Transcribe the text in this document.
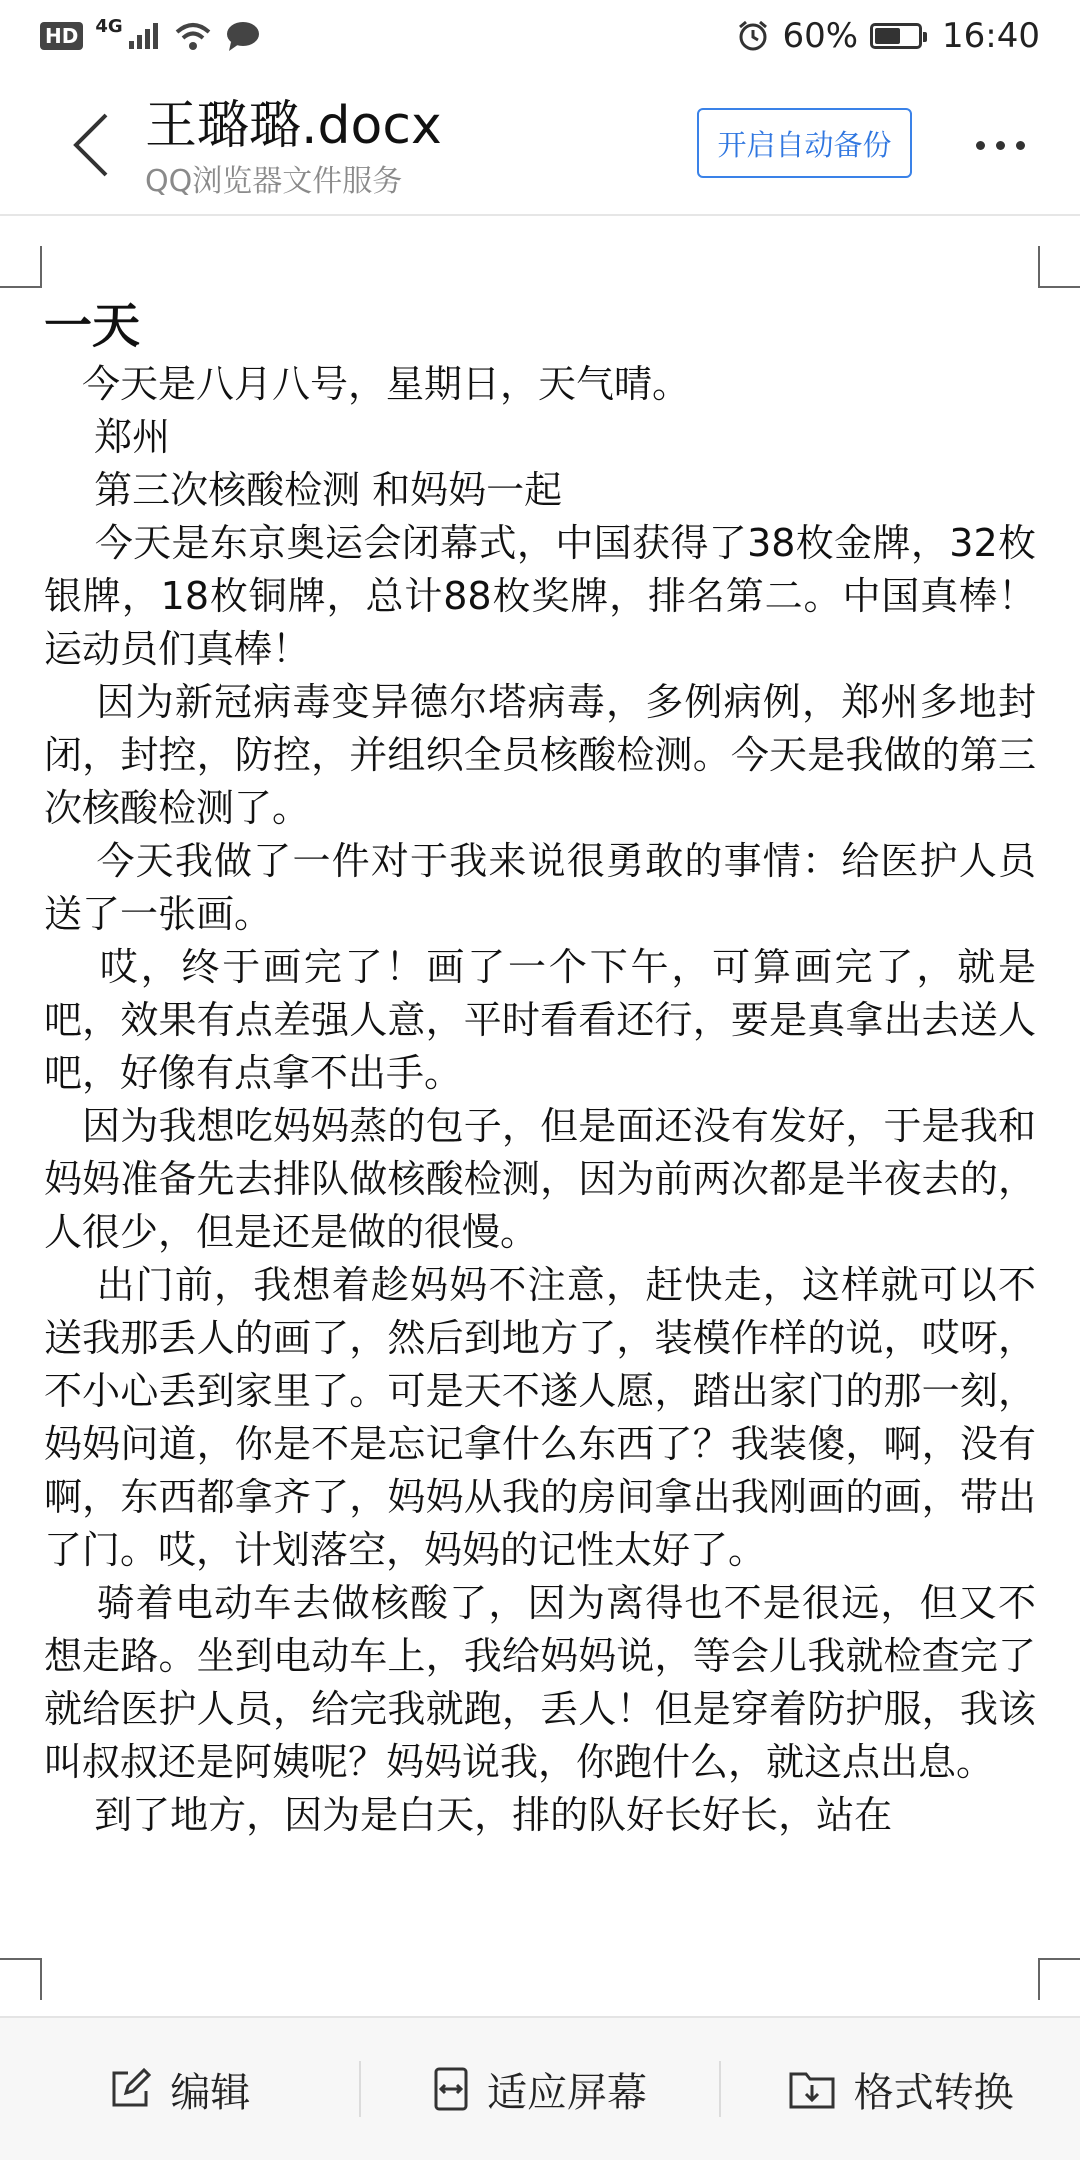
HD 4G	60% 16:40
王璐璐.docx
QQ浏览器文件服务
开启自动备份
一天

　今天是八月八号，星期日，天气晴。

　 郑州

　 第三次核酸检测 和妈妈一起

　 今天是东京奥运会闭幕式，中国获得了38枚金牌，32枚银牌，18枚铜牌，总计88枚奖牌，排名第二。中国真棒！运动员们真棒！

　 因为新冠病毒变异德尔塔病毒，多例病例，郑州多地封闭，封控，防控，并组织全员核酸检测。今天是我做的第三次核酸检测了。

　 今天我做了一件对于我来说很勇敢的事情：给医护人员送了一张画。

　 哎，终于画完了！画了一个下午，可算画完了，就是吧，效果有点差强人意，平时看看还行，要是真拿出去送人吧，好像有点拿不出手。

　因为我想吃妈妈蒸的包子，但是面还没有发好，于是我和妈妈准备先去排队做核酸检测，因为前两次都是半夜去的，人很少，但是还是做的很慢。

　 出门前，我想着趁妈妈不注意，赶快走，这样就可以不送我那丢人的画了，然后到地方了，装模作样的说，哎呀，不小心丢到家里了。可是天不遂人愿，踏出家门的那一刻，妈妈问道，你是不是忘记拿什么东西了？我装傻，啊，没有啊，东西都拿齐了，妈妈从我的房间拿出我刚画的画，带出了门。哎，计划落空，妈妈的记性太好了。

　 骑着电动车去做核酸了，因为离得也不是很远，但又不想走路。坐到电动车上，我给妈妈说，等会儿我就检查完了就给医护人员，给完我就跑，丢人！但是穿着防护服，我该叫叔叔还是阿姨呢？妈妈说我，你跑什么，就这点出息。

　 到了地方，因为是白天，排的队好长好长，站在

编辑	适应屏幕	格式转换
